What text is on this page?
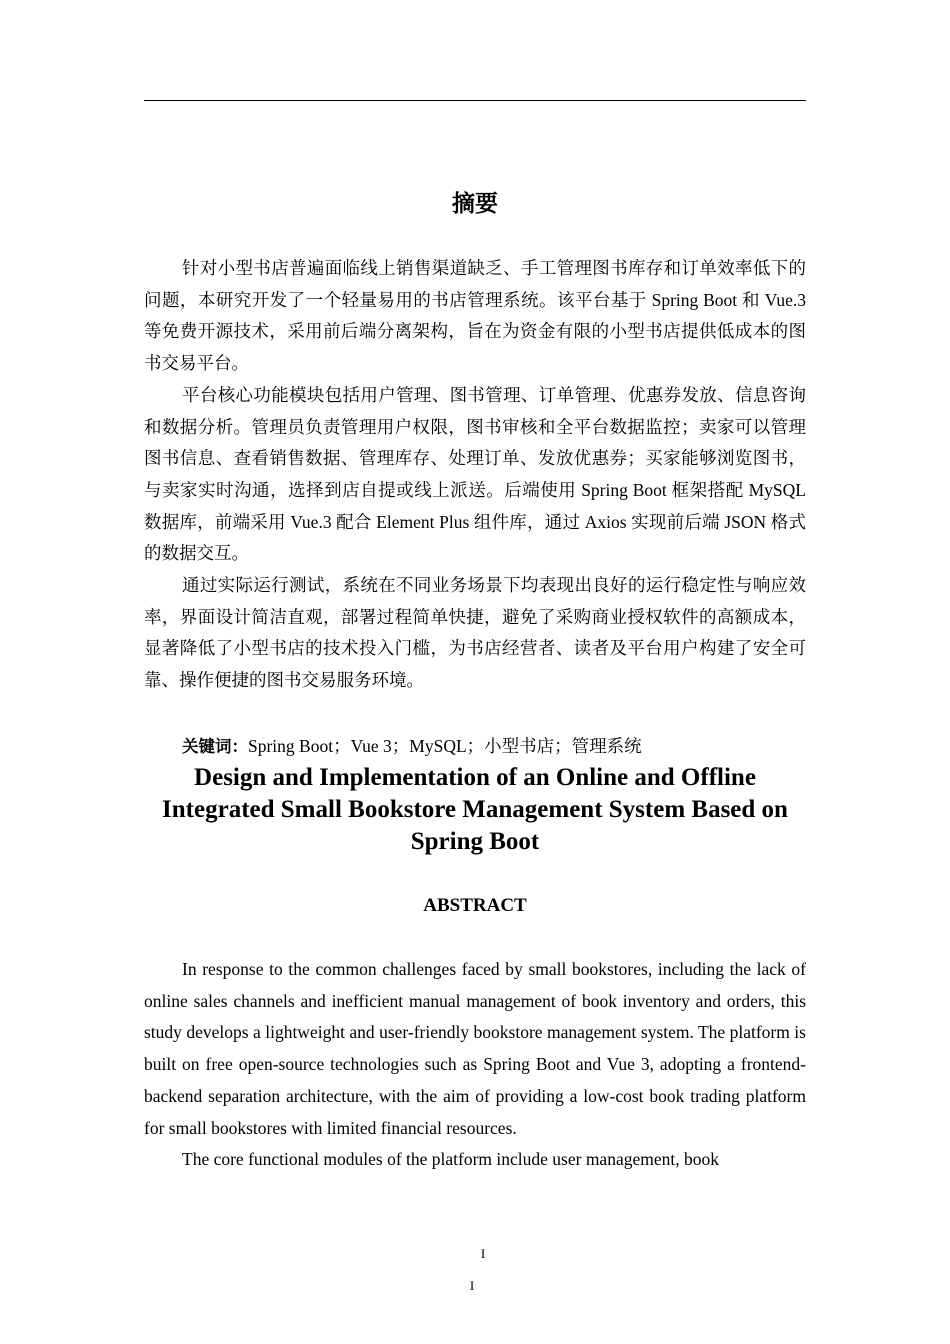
摘要

针对小型书店普遍面临线上销售渠道缺乏、手工管理图书库存和订单效率低下的问题，本研究开发了一个轻量易用的书店管理系统。该平台基于 Spring Boot 和 Vue.3 等免费开源技术，采用前后端分离架构，旨在为资金有限的小型书店提供低成本的图书交易平台。

平台核心功能模块包括用户管理、图书管理、订单管理、优惠券发放、信息咨询和数据分析。管理员负责管理用户权限，图书审核和全平台数据监控；卖家可以管理图书信息、查看销售数据、管理库存、处理订单、发放优惠券；买家能够浏览图书，与卖家实时沟通，选择到店自提或线上派送。后端使用 Spring Boot 框架搭配 MySQL 数据库，前端采用 Vue.3 配合 Element Plus 组件库，通过 Axios 实现前后端 JSON 格式的数据交互。

通过实际运行测试，系统在不同业务场景下均表现出良好的运行稳定性与响应效率，界面设计简洁直观，部署过程简单快捷，避免了采购商业授权软件的高额成本，显著降低了小型书店的技术投入门槛，为书店经营者、读者及平台用户构建了安全可靠、操作便捷的图书交易服务环境。

关键词：Spring Boot；Vue 3；MySQL；小型书店；管理系统
Design and Implementation of an Online and Offline Integrated Small Bookstore Management System Based on Spring Boot
ABSTRACT

In response to the common challenges faced by small bookstores, including the lack of online sales channels and inefficient manual management of book inventory and orders, this study develops a lightweight and user-friendly bookstore management system. The platform is built on free open-source technologies such as Spring Boot and Vue 3, adopting a frontend-backend separation architecture, with the aim of providing a low-cost book trading platform for small bookstores with limited financial resources.

The core functional modules of the platform include user management, book

I
I
